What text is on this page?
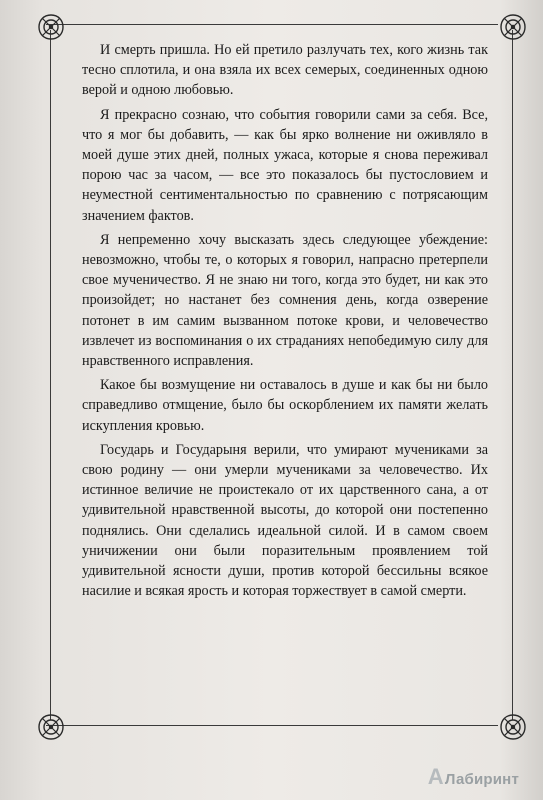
И смерть пришла. Но ей претило разлучать тех, кого жизнь так тесно сплотила, и она взяла их всех семерых, соединенных одною верой и одною любовью.

Я прекрасно сознаю, что события говорили сами за себя. Все, что я мог бы добавить, — как бы ярко волнение ни оживляло в моей душе этих дней, полных ужаса, которые я снова переживал порою час за часом, — все это показалось бы пустословием и неуместной сентиментальностью по сравнению с потрясающим значением фактов.

Я непременно хочу высказать здесь следующее убеждение: невозможно, чтобы те, о которых я говорил, напрасно претерпели свое мученичество. Я не знаю ни того, когда это будет, ни как это произойдет; но настанет без сомнения день, когда озверение потонет в им самим вызванном потоке крови, и человечество извлечет из воспоминания о их страданиях непобедимую силу для нравственного исправления.

Какое бы возмущение ни оставалось в душе и как бы ни было справедливо отмщение, было бы оскорблением их памяти желать искупления кровью.

Государь и Государыня верили, что умирают мучениками за свою родину — они умерли мучениками за человечество. Их истинное величие не проистекало от их царственного сана, а от удивительной нравственной высоты, до которой они постепенно поднялись. Они сделались идеальной силой. И в самом своем уничижении они были поразительным проявлением той удивительной ясности души, против которой бессильны всякое насилие и всякая ярость и которая торжествует в самой смерти.

AЛабиринт
